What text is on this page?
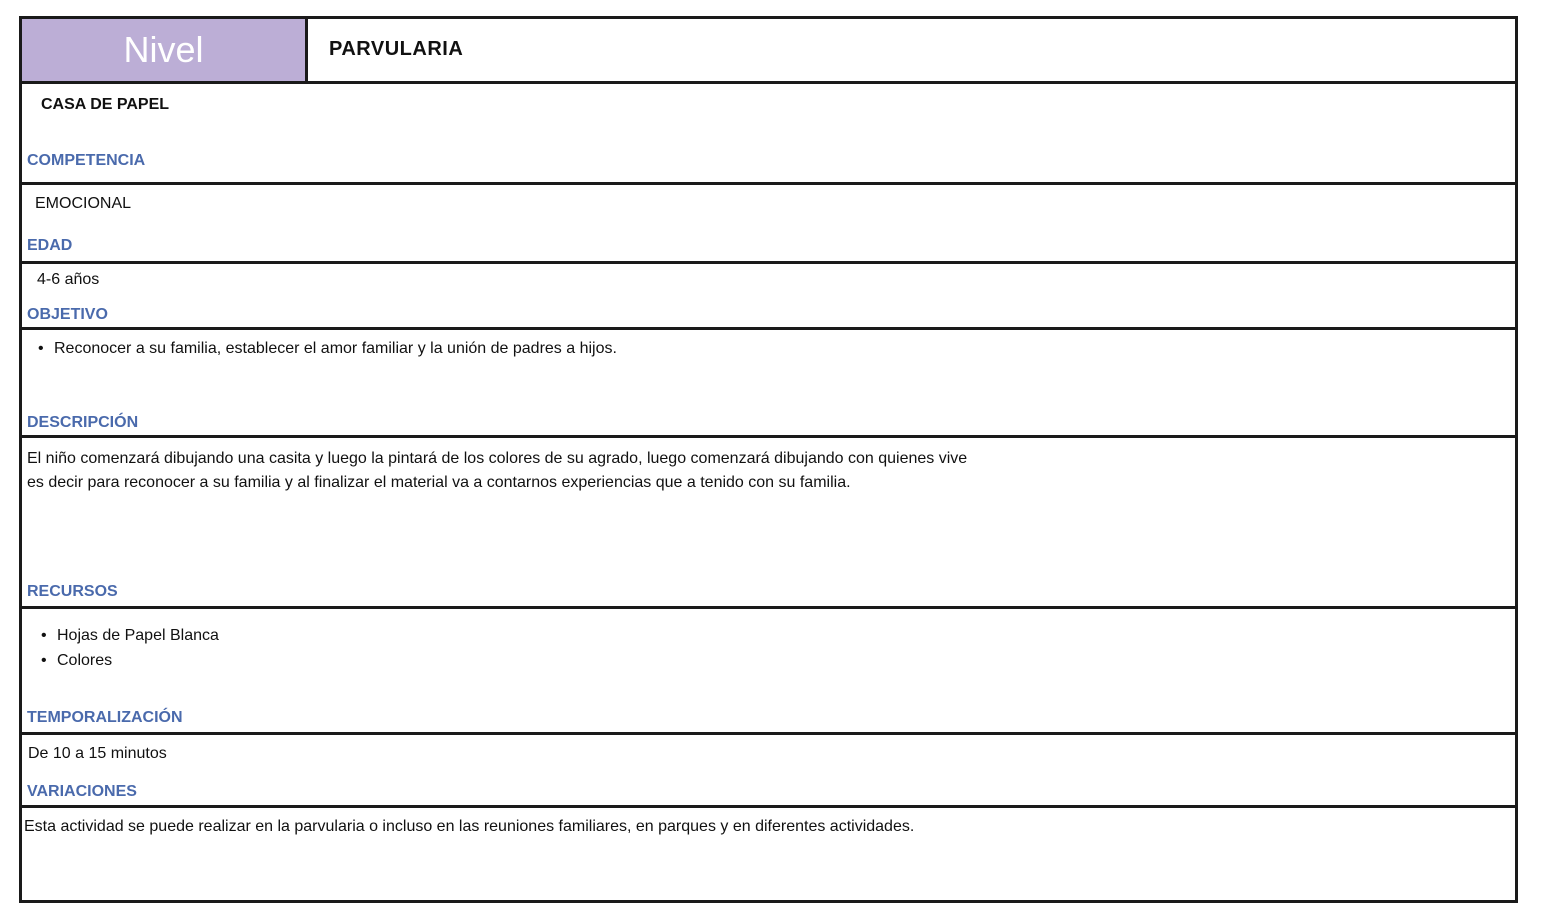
Nivel	PARVULARIA
CASA DE PAPEL
COMPETENCIA
EMOCIONAL
EDAD
4-6 años
OBJETIVO
• Reconocer a su familia, establecer el amor familiar y la unión de padres a hijos.
DESCRIPCIÓN
El niño comenzará dibujando una casita y luego la pintará de los colores de su agrado, luego comenzará dibujando con quienes vive
es decir para reconocer a su familia y al finalizar el material va a contarnos experiencias que a tenido con su familia.
RECURSOS
• Hojas de Papel Blanca
• Colores
TEMPORALIZACIÓN
De 10 a 15 minutos
VARIACIONES
Esta actividad se puede realizar en la parvularia o incluso en las reuniones familiares, en parques y en diferentes actividades.
